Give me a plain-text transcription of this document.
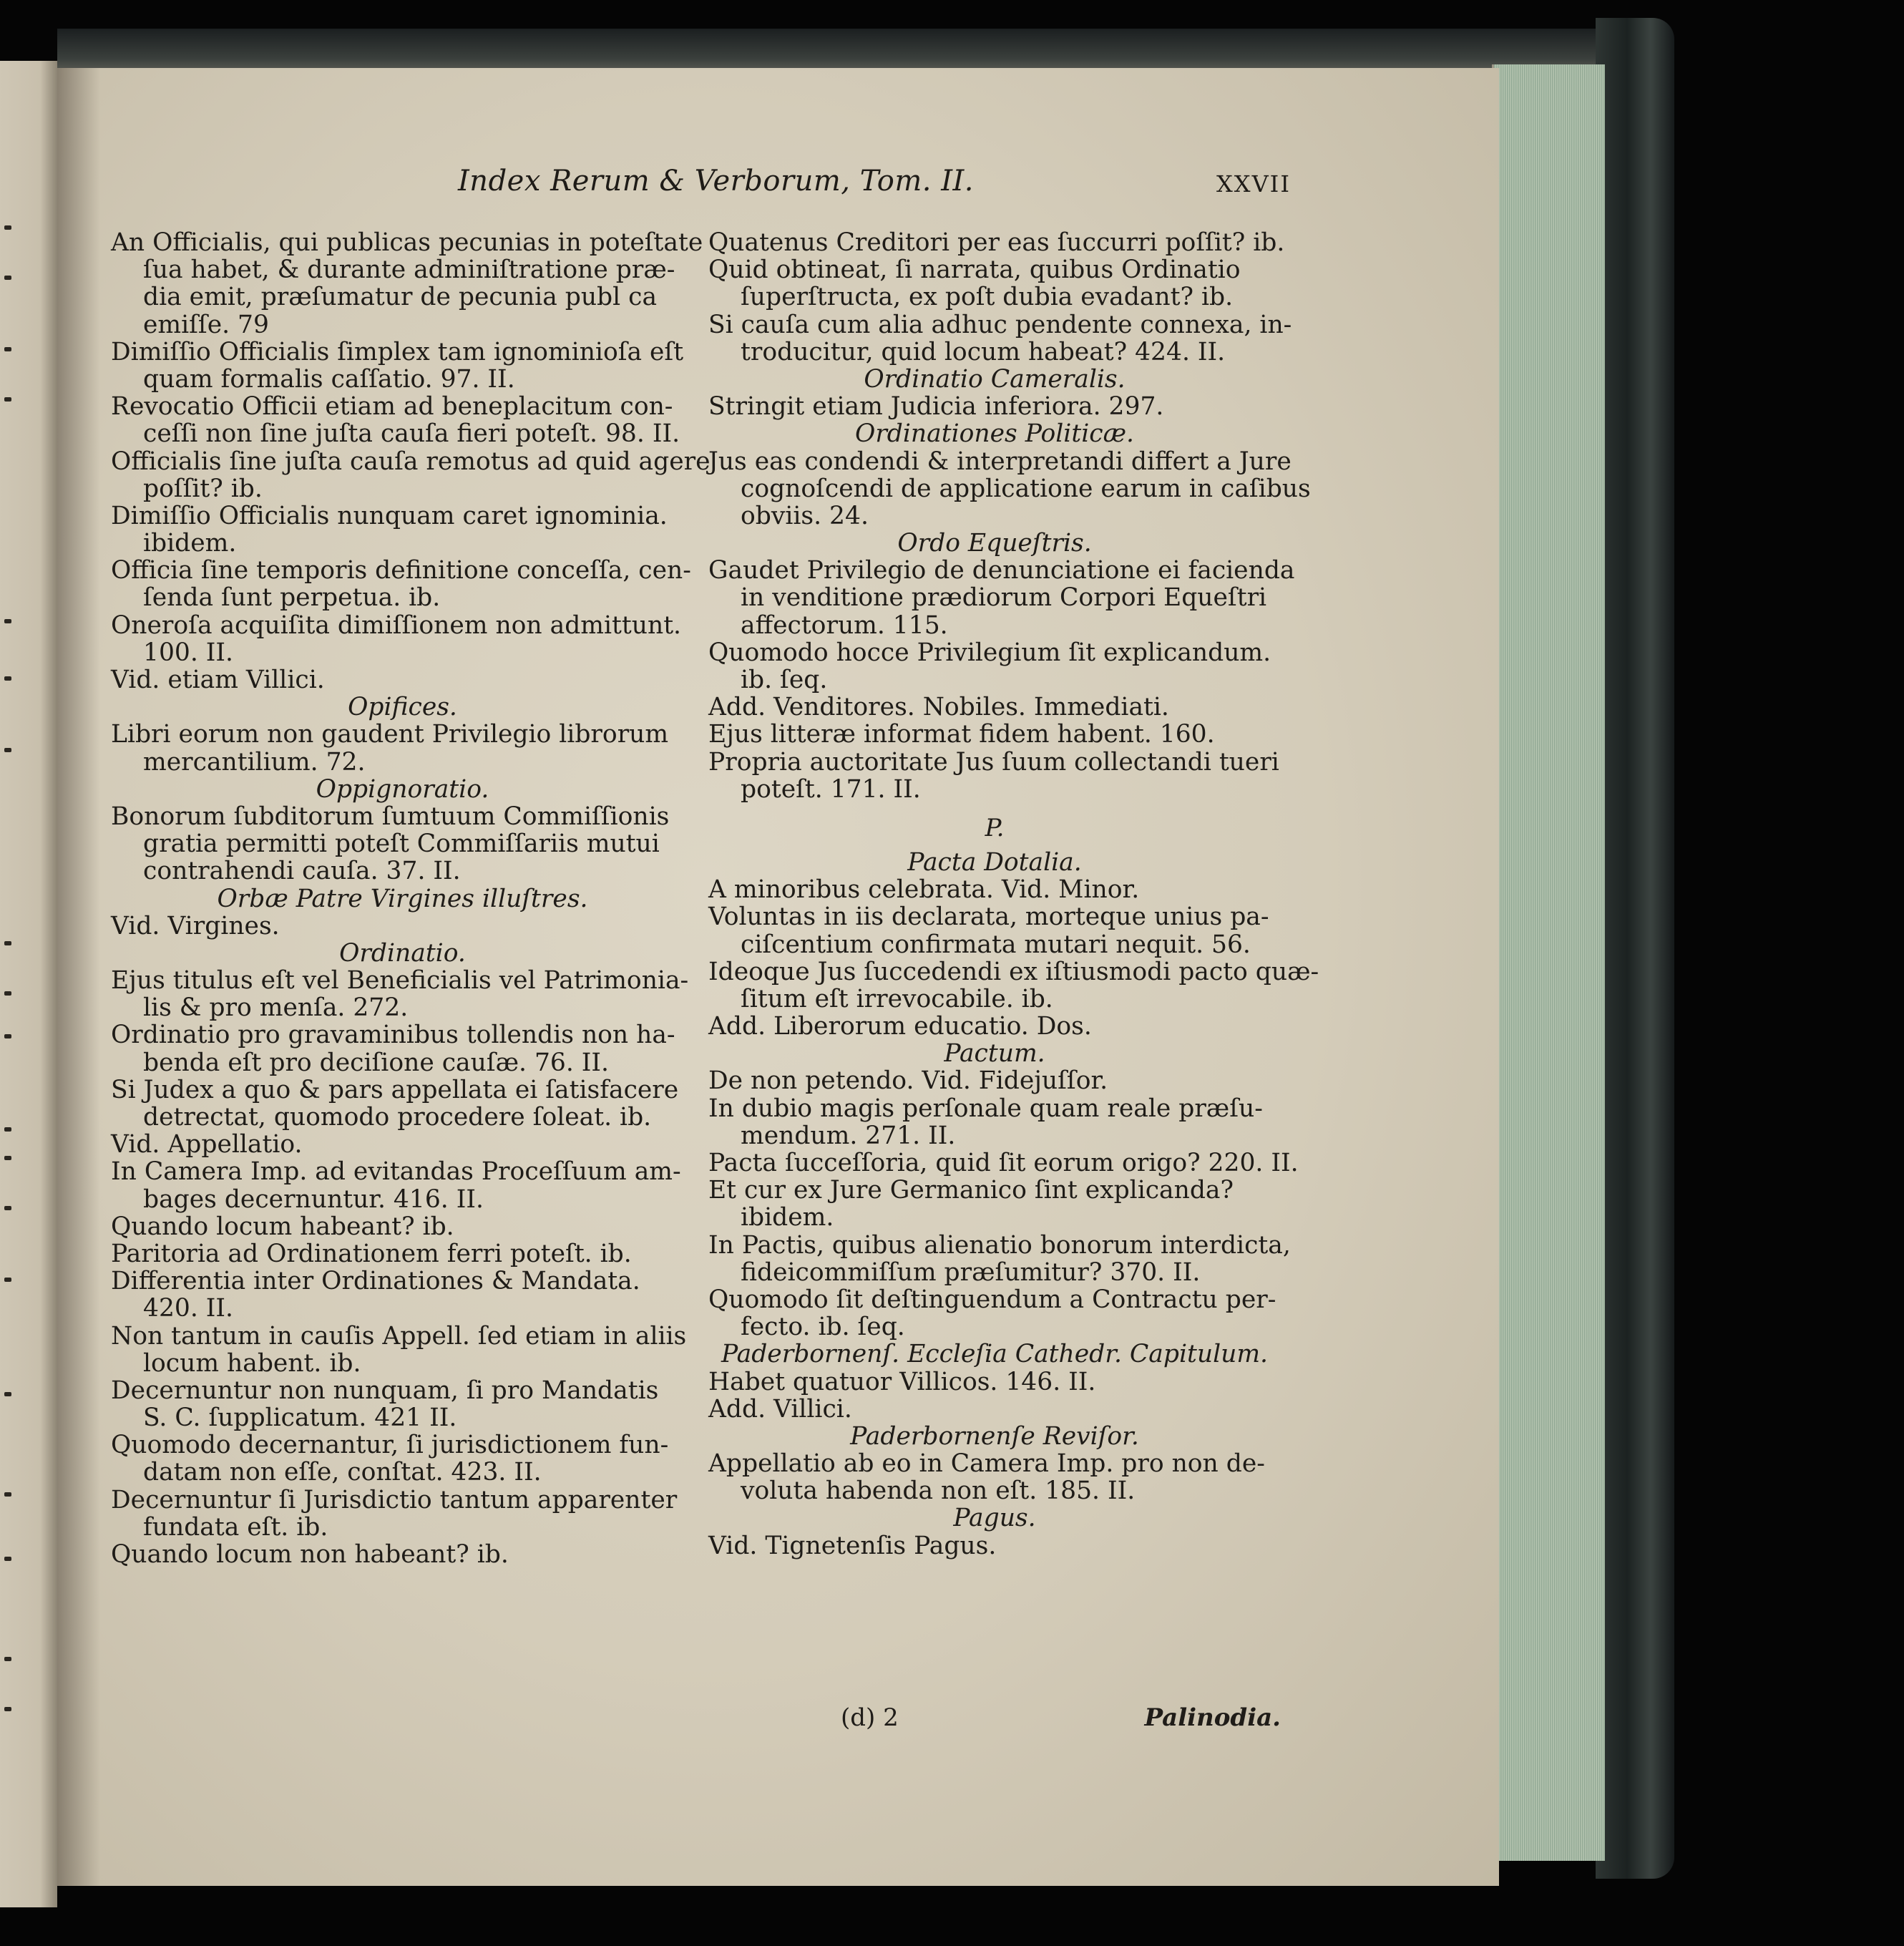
Index Rerum & Verborum, Tom. II.	XXVII
An Officialis, qui publicas pecunias in poteſtate
ſua habet, & durante adminiſtratione præ-
dia emit, præſumatur de pecunia publ ca
emiſſe. 79
Dimiſſio Officialis ſimplex tam ignominioſa eſt
quam formalis caſſatio. 97. II.
Revocatio Officii etiam ad beneplacitum con-
ceſſi non ſine juſta cauſa fieri poteſt. 98. II.
Officialis ſine juſta cauſa remotus ad quid agere
poſſit? ib.
Dimiſſio Officialis nunquam caret ignominia.
ibidem.
Officia ſine temporis definitione conceſſa, cen-
ſenda ſunt perpetua. ib.
Oneroſa acquiſita dimiſſionem non admittunt.
100. II.
Vid. etiam Villici.
Opifices.
Libri eorum non gaudent Privilegio librorum
mercantilium. 72.
Oppignoratio.
Bonorum ſubditorum ſumtuum Commiſſionis
gratia permitti poteſt Commiſſariis mutui
contrahendi cauſa. 37. II.
Orbæ Patre Virgines illuſtres.
Vid. Virgines.
Ordinatio.
Ejus titulus eſt vel Beneficialis vel Patrimonia-
lis & pro menſa. 272.
Ordinatio pro gravaminibus tollendis non ha-
benda eſt pro deciſione cauſæ. 76. II.
Si Judex a quo & pars appellata ei ſatisfacere
detrectat, quomodo procedere ſoleat. ib.
Vid. Appellatio.
In Camera Imp. ad evitandas Proceſſuum am-
bages decernuntur. 416. II.
Quando locum habeant? ib.
Paritoria ad Ordinationem ferri poteſt. ib.
Differentia inter Ordinationes & Mandata.
420. II.
Non tantum in cauſis Appell. ſed etiam in aliis
locum habent. ib.
Decernuntur non nunquam, ſi pro Mandatis
S. C. ſupplicatum. 421 II.
Quomodo decernantur, ſi jurisdictionem fun-
datam non eſſe, conſtat. 423. II.
Decernuntur ſi Jurisdictio tantum apparenter
fundata eſt. ib.
Quando locum non habeant? ib.
Quatenus Creditori per eas ſuccurri poſſit? ib.
Quid obtineat, ſi narrata, quibus Ordinatio
ſuperſtructa, ex poſt dubia evadant? ib.
Si cauſa cum alia adhuc pendente connexa, in-
troducitur, quid locum habeat? 424. II.
Ordinatio Cameralis.
Stringit etiam Judicia inferiora. 297.
Ordinationes Politicæ.
Jus eas condendi & interpretandi differt a Jure
cognoſcendi de applicatione earum in caſibus
obviis. 24.
Ordo Equeſtris.
Gaudet Privilegio de denunciatione ei facienda
in venditione prædiorum Corpori Equeſtri
affectorum. 115.
Quomodo hocce Privilegium ſit explicandum.
ib. ſeq.
Add. Venditores. Nobiles. Immediati.
Ejus litteræ informat fidem habent. 160.
Propria auctoritate Jus ſuum collectandi tueri
poteſt. 171. II.
P.
Pacta Dotalia.
A minoribus celebrata. Vid. Minor.
Voluntas in iis declarata, morteque unius pa-
ciſcentium confirmata mutari nequit. 56.
Ideoque Jus ſuccedendi ex iſtiusmodi pacto quæ-
ſitum eſt irrevocabile. ib.
Add. Liberorum educatio. Dos.
Pactum.
De non petendo. Vid. Fidejuſſor.
In dubio magis perſonale quam reale præſu-
mendum. 271. II.
Pacta ſucceſſoria, quid ſit eorum origo? 220. II.
Et cur ex Jure Germanico ſint explicanda?
ibidem.
In Pactis, quibus alienatio bonorum interdicta,
fideicommiſſum præſumitur? 370. II.
Quomodo ſit deſtinguendum a Contractu per-
fecto. ib. ſeq.
Paderbornenſ. Eccleſia Cathedr. Capitulum.
Habet quatuor Villicos. 146. II.
Add. Villici.
Paderbornenſe Reviſor.
Appellatio ab eo in Camera Imp. pro non de-
voluta habenda non eſt. 185. II.
Pagus.
Vid. Tignetenſis Pagus.
(d) 2	Palinodia.
